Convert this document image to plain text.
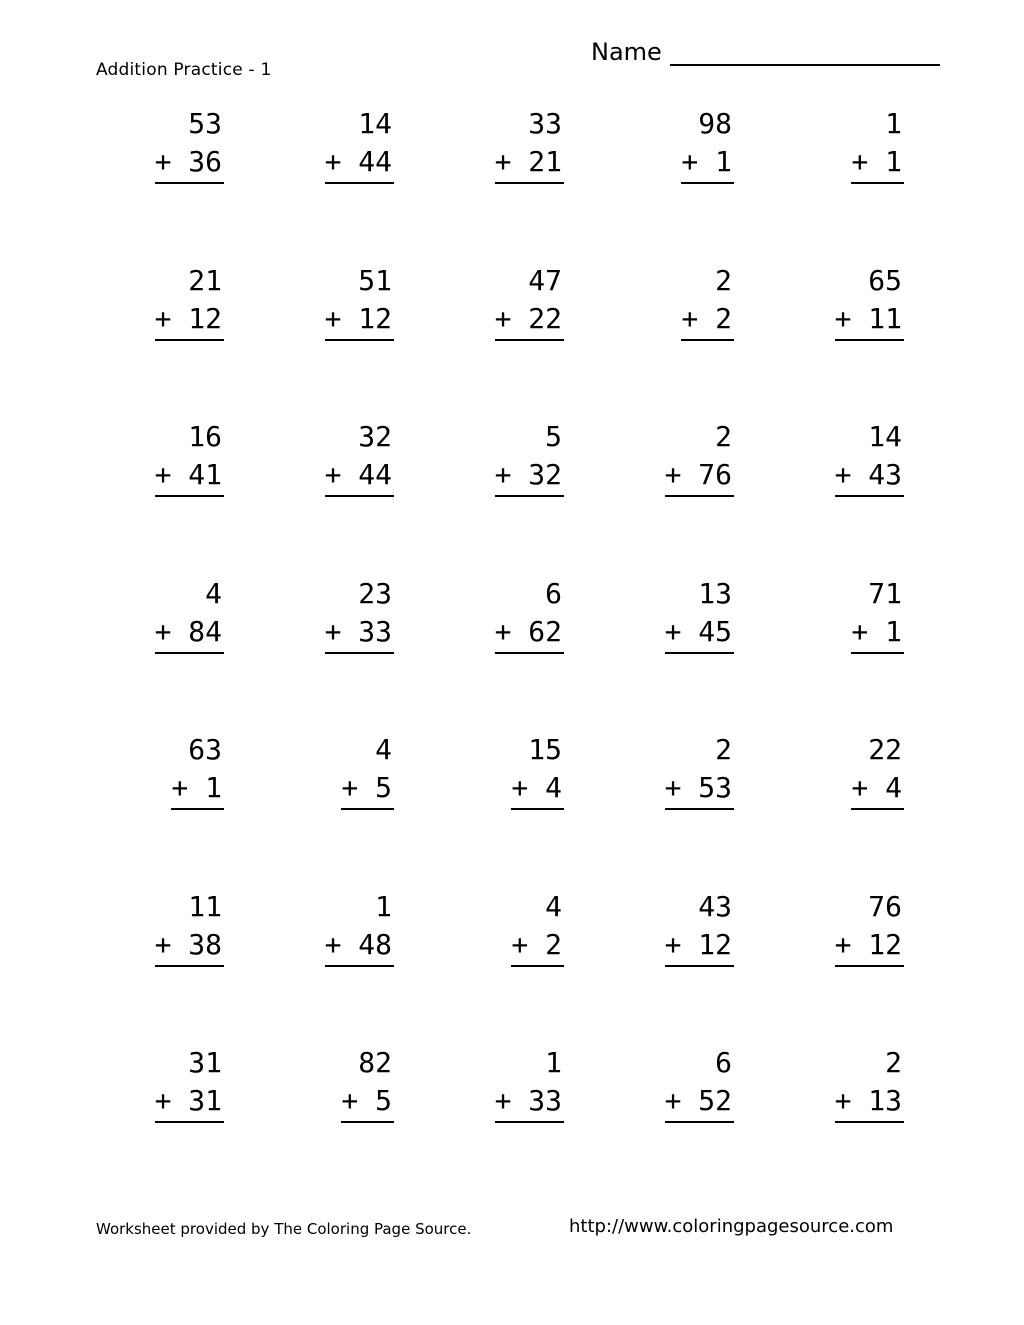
Addition Practice - 1
Name
53
+ 36
14
+ 44
33
+ 21
98
+ 1
1
+ 1
21
+ 12
51
+ 12
47
+ 22
2
+ 2
65
+ 11
16
+ 41
32
+ 44
5
+ 32
2
+ 76
14
+ 43
4
+ 84
23
+ 33
6
+ 62
13
+ 45
71
+ 1
63
+ 1
4
+ 5
15
+ 4
2
+ 53
22
+ 4
11
+ 38
1
+ 48
4
+ 2
43
+ 12
76
+ 12
31
+ 31
82
+ 5
1
+ 33
6
+ 52
2
+ 13
Worksheet provided by The Coloring Page Source.	http://www.coloringpagesource.com
